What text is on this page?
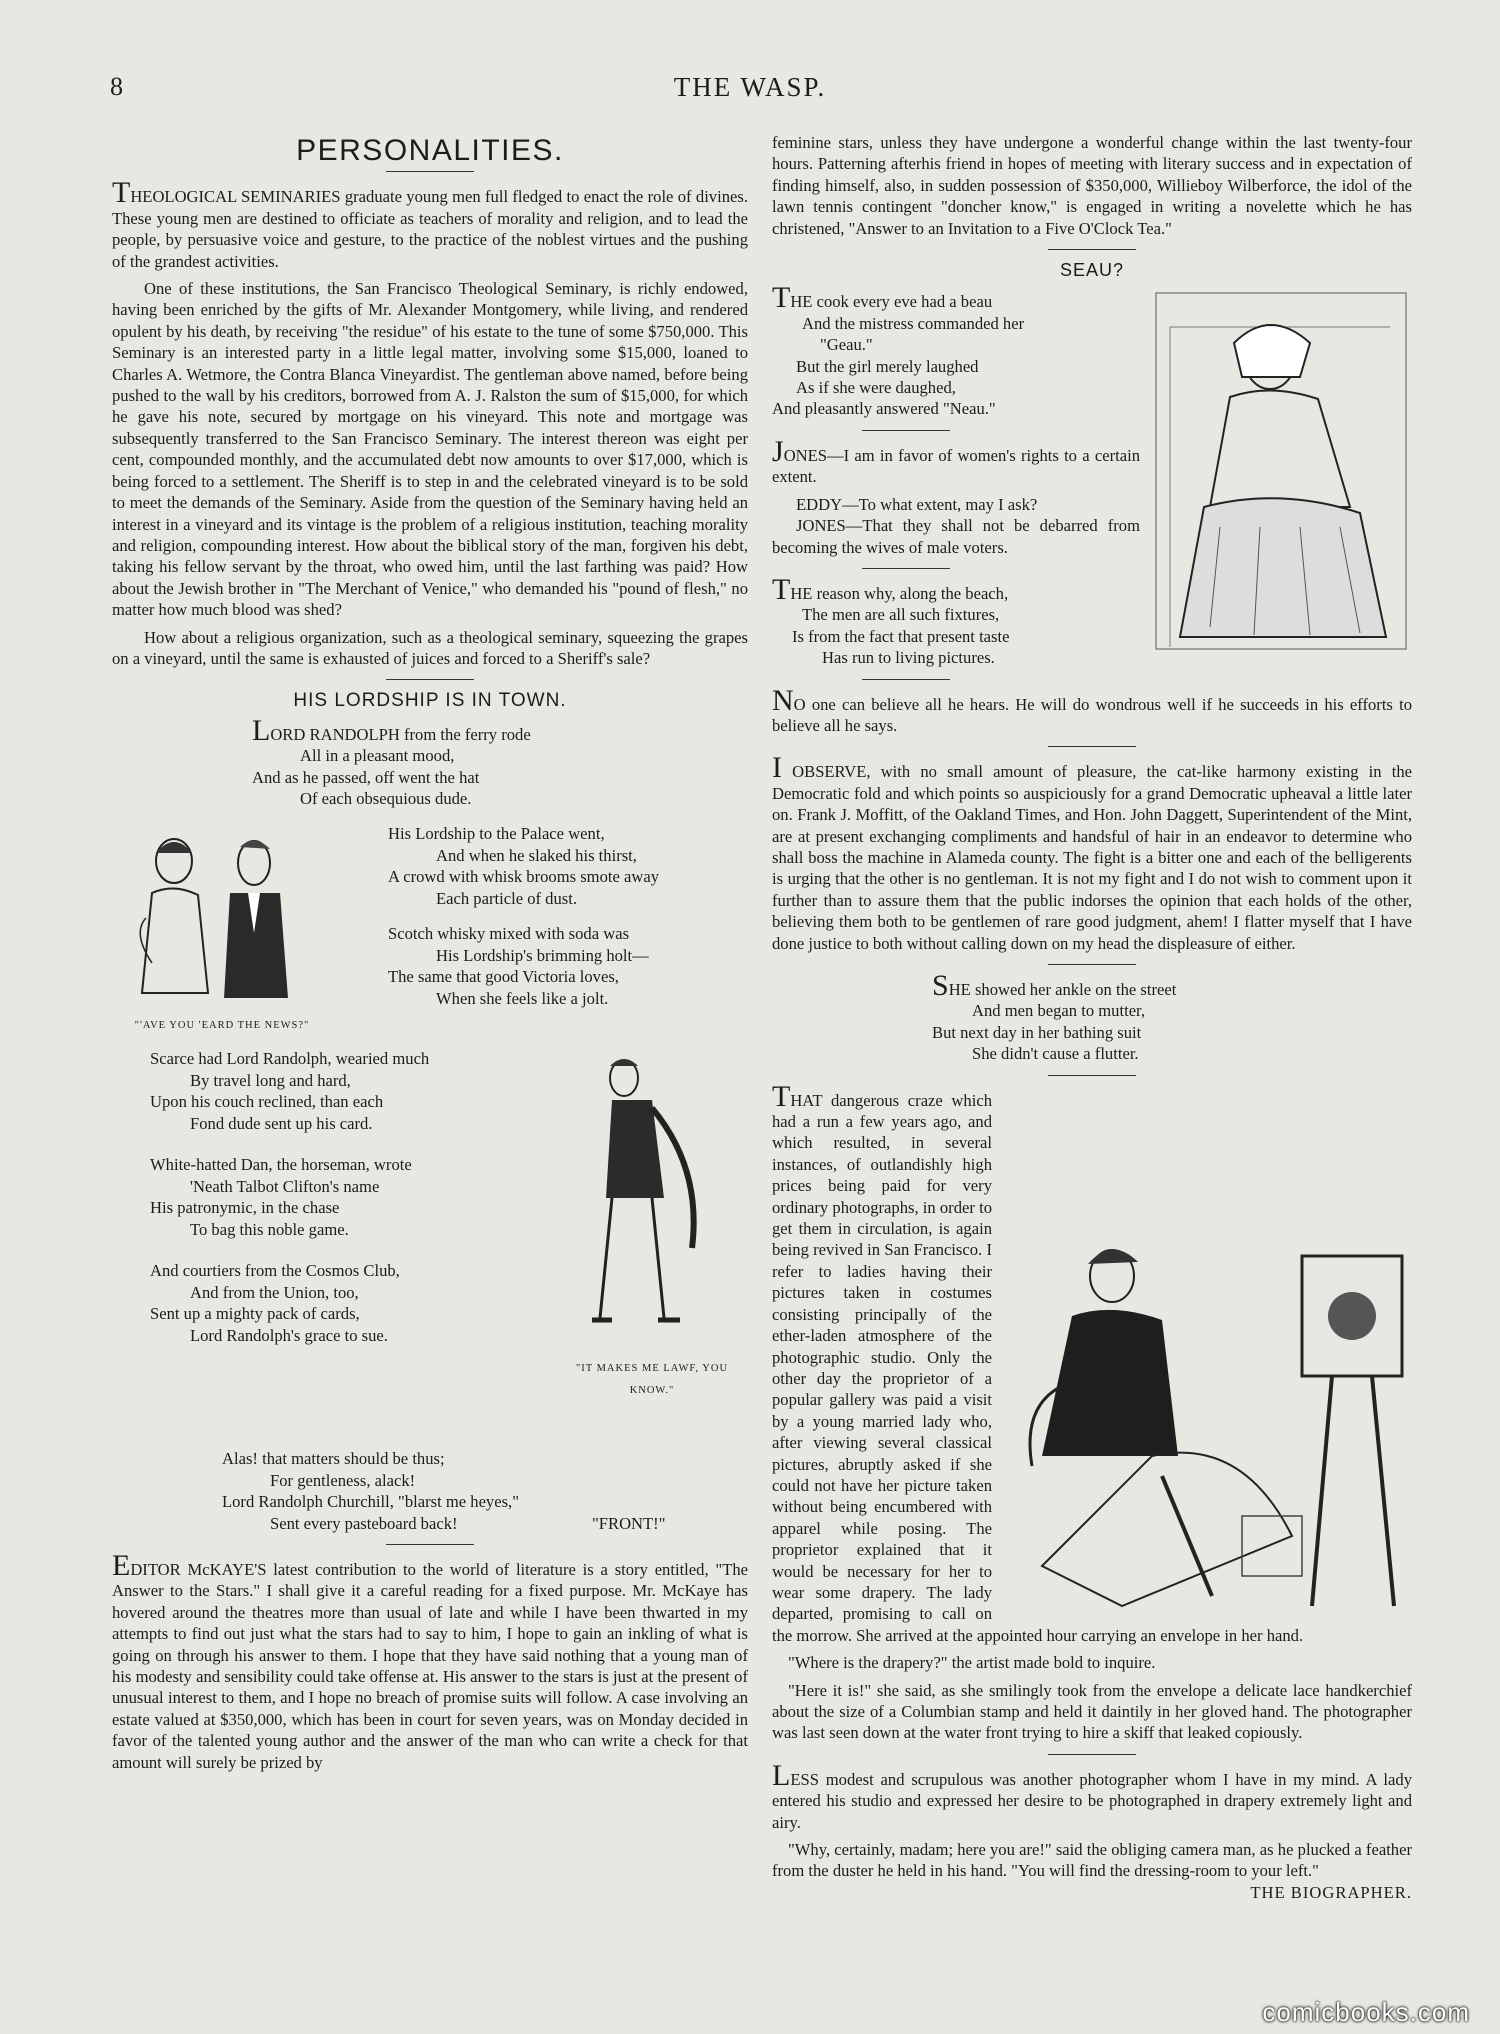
8	THE WASP.
PERSONALITIES.

THEOLOGICAL SEMINARIES graduate young men full fledged to enact the role of divines. These young men are destined to officiate as teachers of morality and religion, and to lead the people, by persuasive voice and gesture, to the practice of the noblest virtues and the pushing of the grandest activities.

One of these institutions, the San Francisco Theological Seminary, is richly endowed, having been enriched by the gifts of Mr. Alexander Montgomery, while living, and rendered opulent by his death, by receiving "the residue" of his estate to the tune of some $750,000. This Seminary is an interested party in a little legal matter, involving some $15,000, loaned to Charles A. Wetmore, the Contra Blanca Vineyardist. The gentleman above named, before being pushed to the wall by his creditors, borrowed from A. J. Ralston the sum of $15,000, for which he gave his note, secured by mortgage on his vineyard. This note and mortgage was subsequently transferred to the San Francisco Seminary. The interest thereon was eight per cent, compounded monthly, and the accumulated debt now amounts to over $17,000, which is being forced to a settlement. The Sheriff is to step in and the celebrated vineyard is to be sold to meet the demands of the Seminary. Aside from the question of the Seminary having held an interest in a vineyard and its vintage is the problem of a religious institution, teaching morality and religion, compounding interest. How about the biblical story of the man, forgiven his debt, taking his fellow servant by the throat, who owed him, until the last farthing was paid? How about the Jewish brother in "The Merchant of Venice," who demanded his "pound of flesh," no matter how much blood was shed?

How about a religious organization, such as a theological seminary, squeezing the grapes on a vineyard, until the same is exhausted of juices and forced to a Sheriff's sale?

HIS LORDSHIP IS IN TOWN.
LORD RANDOLPH from the ferry rode
All in a pleasant mood,
And as he passed, off went the hat
Of each obsequious dude.
"'AVE YOU 'EARD THE NEWS?"
His Lordship to the Palace went,
And when he slaked his thirst,
A crowd with whisk brooms smote away
Each particle of dust.
Scotch whisky mixed with soda was
His Lordship's brimming holt—
The same that good Victoria loves,
When she feels like a jolt.
Scarce had Lord Randolph, wearied much
By travel long and hard,
Upon his couch reclined, than each
Fond dude sent up his card.
White-hatted Dan, the horseman, wrote
'Neath Talbot Clifton's name
His patronymic, in the chase
To bag this noble game.
And courtiers from the Cosmos Club,
And from the Union, too,
Sent up a mighty pack of cards,
Lord Randolph's grace to sue.
"IT MAKES ME LAWF, YOU KNOW."
Alas! that matters should be thus;
For gentleness, alack!
Lord Randolph Churchill, "blarst me heyes,"
Sent every pasteboard back!	"FRONT!"

EDITOR McKAYE'S latest contribution to the world of literature is a story entitled, "The Answer to the Stars." I shall give it a careful reading for a fixed purpose. Mr. McKaye has hovered around the theatres more than usual of late and while I have been thwarted in my attempts to find out just what the stars had to say to him, I hope to gain an inkling of what is going on through his answer to them. I hope that they have said nothing that a young man of his modesty and sensibility could take offense at. His answer to the stars is just at the present of unusual interest to them, and I hope no breach of promise suits will follow. A case involving an estate valued at $350,000, which has been in court for seven years, was on Monday decided in favor of the talented young author and the answer of the man who can write a check for that amount will surely be prized by

feminine stars, unless they have undergone a wonderful change within the last twenty-four hours. Patterning afterhis friend in hopes of meeting with literary success and in expectation of finding himself, also, in sudden possession of $350,000, Willieboy Wilberforce, the idol of the lawn tennis contingent "doncher know," is engaged in writing a novelette which he has christened, "Answer to an Invitation to a Five O'Clock Tea."

SEAU?
THE cook every eve had a beau
And the mistress commanded her
"Geau."
But the girl merely laughed
As if she were daughed,
And pleasantly answered "Neau."

JONES—I am in favor of women's rights to a certain extent.

EDDY—To what extent, may I ask?

JONES—That they shall not be debarred from becoming the wives of male voters.

THE reason why, along the beach,
The men are all such fixtures,
Is from the fact that present taste
Has run to living pictures.

NO one can believe all he hears. He will do wondrous well if he succeeds in his efforts to believe all he says.

I OBSERVE, with no small amount of pleasure, the cat-like harmony existing in the Democratic fold and which points so auspiciously for a grand Democratic upheaval a little later on. Frank J. Moffitt, of the Oakland Times, and Hon. John Daggett, Superintendent of the Mint, are at present exchanging compliments and handsful of hair in an endeavor to determine who shall boss the machine in Alameda county. The fight is a bitter one and each of the belligerents is urging that the other is no gentleman. It is not my fight and I do not wish to comment upon it further than to assure them that the public indorses the opinion that each holds of the other, believing them both to be gentlemen of rare good judgment, ahem! I flatter myself that I have done justice to both without calling down on my head the displeasure of either.

SHE showed her ankle on the street
And men began to mutter,
But next day in her bathing suit
She didn't cause a flutter.

THAT dangerous craze which had a run a few years ago, and which resulted, in several instances, of outlandishly high prices being paid for very ordinary photographs, in order to get them in circulation, is again being revived in San Francisco. I refer to ladies having their pictures taken in costumes consisting principally of the ether-laden atmosphere of the photographic studio. Only the other day the proprietor of a popular gallery was paid a visit by a young married lady who, after viewing several classical pictures, abruptly asked if she could not have her picture taken without being encumbered with apparel while posing. The proprietor explained that it would be necessary for her to wear some drapery. The lady departed, promising to call on the morrow. She arrived at the appointed hour carrying an envelope in her hand.

"Where is the drapery?" the artist made bold to inquire.

"Here it is!" she said, as she smilingly took from the envelope a delicate lace handkerchief about the size of a Columbian stamp and held it daintily in her gloved hand. The photographer was last seen down at the water front trying to hire a skiff that leaked copiously.

LESS modest and scrupulous was another photographer whom I have in my mind. A lady entered his studio and expressed her desire to be photographed in drapery extremely light and airy.

"Why, certainly, madam; here you are!" said the obliging camera man, as he plucked a feather from the duster he held in his hand. "You will find the dressing-room to your left."

THE BIOGRAPHER.
comicbooks.com
